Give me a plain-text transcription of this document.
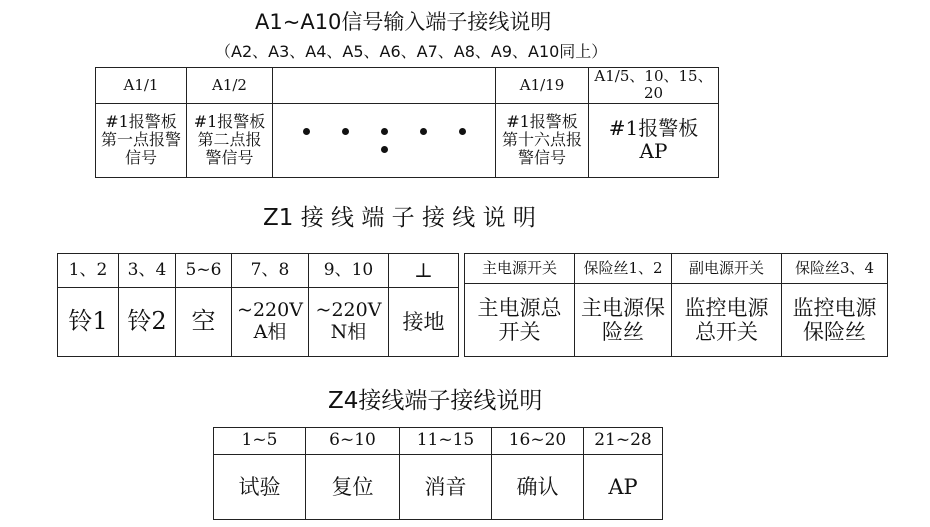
A1~A10信号输入端子接线说明
（A2、A3、A4、A5、A6、A7、A8、A9、A10同上）
A1/1	A1/2		A1/19	A1/5、10、15、20
#1报警板第一点报警信号	#1报警板第二点报警信号		#1报警板第十六点报警信号	#1报警板AP
Z1 接 线 端 子 接 线 说 明
1、2	3、4	5~6	7、8	9、10	⊥
铃1	铃2	空	~220V A相	~220V N相	接地
主电源开关	保险丝1、2	副电源开关	保险丝3、4
主电源总开关	主电源保险丝	监控电源总开关	监控电源保险丝
Z4接线端子接线说明
1~5	6~10	11~15	16~20	21~28
试验	复位	消音	确认	AP
